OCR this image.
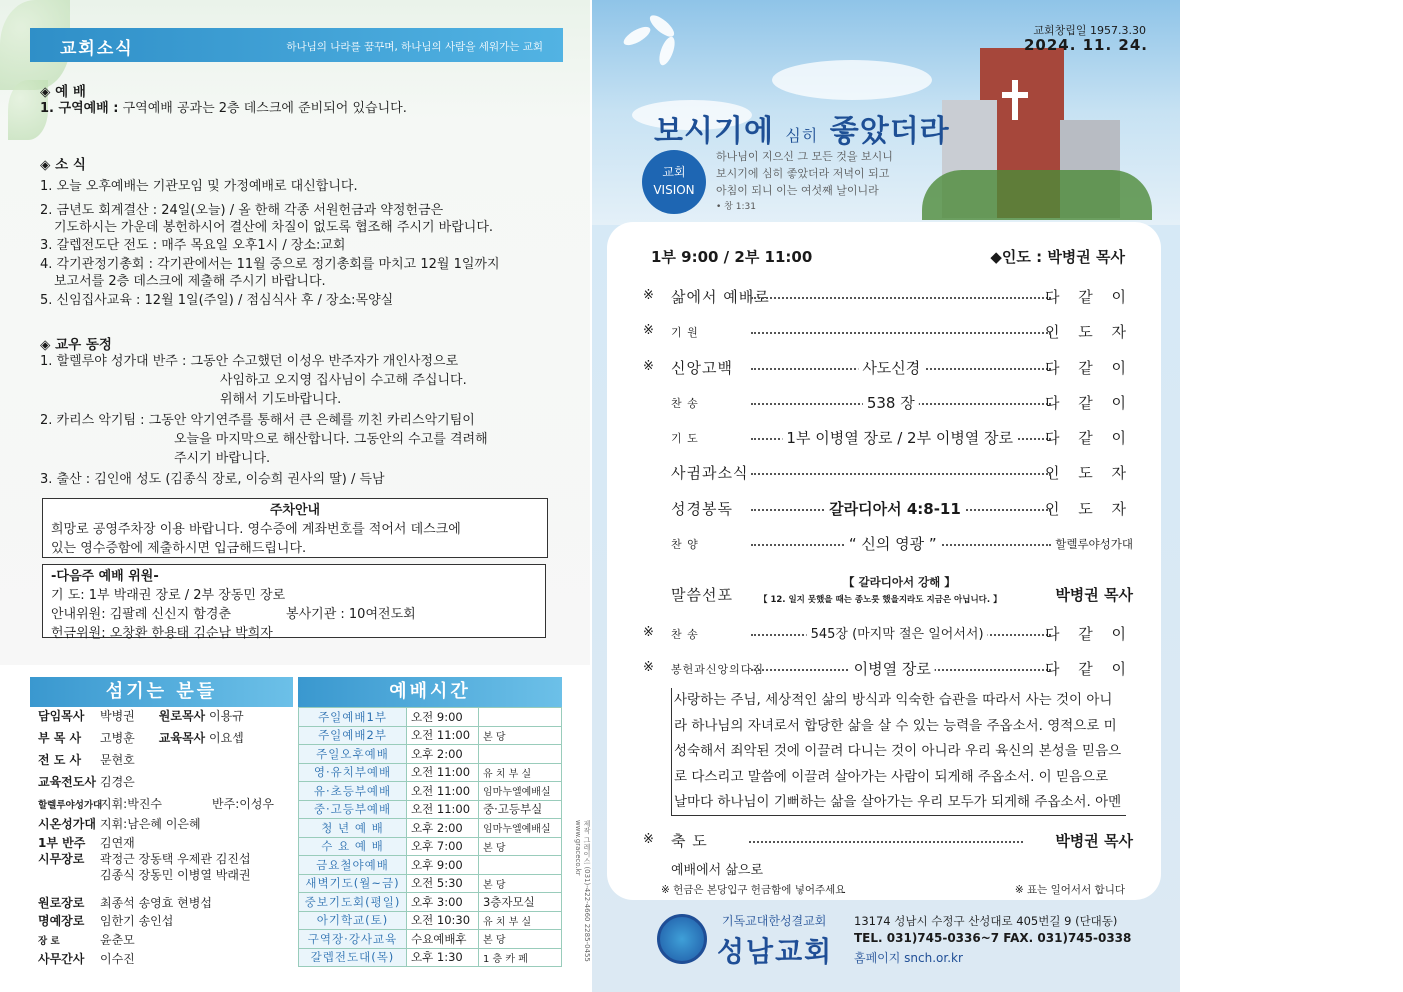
교회소식	하나님의 나라를 꿈꾸며, 하나님의 사람을 세워가는 교회
◈ 예 배
1. 구역예배 : 구역예배 공과는 2층 데스크에 준비되어 있습니다.
◈ 소 식
1. 오늘 오후예배는 기관모임 및 가정예배로 대신합니다.
2. 금년도 회계결산 : 24일(오늘) / 올 한해 각종 서원헌금과 약정헌금은
기도하시는 가운데 봉헌하시어 결산에 차질이 없도록 협조해 주시기 바랍니다.
3. 갈렙전도단 전도 : 매주 목요일 오후1시 / 장소:교회
4. 각기관정기총회 : 각기관에서는 11월 중으로 정기총회를 마치고 12월 1일까지
보고서를 2층 데스크에 제출해 주시기 바랍니다.
5. 신임집사교육 : 12월 1일(주일) / 점심식사 후 / 장소:목양실
◈ 교우 동정
1. 할렐루야 성가대 반주 : 그동안 수고했던 이성우 반주자가 개인사정으로
사임하고 오지영 집사님이 수고해 주십니다.
위해서 기도바랍니다.
2. 카리스 악기팀 : 그동안 악기연주를 통해서 큰 은혜를 끼친 카리스악기팀이
오늘을 마지막으로 해산합니다. 그동안의 수고를 격려해
주시기 바랍니다.
3. 출산 : 김인애 성도 (김종식 장로, 이승희 권사의 딸) / 득남
주차안내
희망로 공영주차장 이용 바랍니다. 영수증에 계좌번호를 적어서 데스크에
있는 영수증함에 제출하시면 입금해드립니다.
-다음주 예배 위원-
기 도: 1부 박래권 장로 / 2부 장동민 장로
안내위원: 김팔례 신신지 함경춘	봉사기관 : 10여전도회
헌금위원: 오창환 한용태 김순남 박희자
섬기는 분들	예배시간
담임목사 박병권 원로목사 이용규
부 목 사 고병훈 교육목사 이요셉
전 도 사 문현호
교육전도사 김경은
할렐루야성가대지휘:박진수	반주:이성우
시온성가대 지휘:남은혜 이은혜
1부 반주 김연재
시무장로 곽정근 장동택 우제관 김진섭
김종식 장동민 이병열 박래권
원로장로 최종석 송영효 현병섭
명예장로 임한기 송인섭
장 로	윤춘모
사무간사 이수진
주일예배1부	오전 9:00	
주일예배2부	오전 11:00	본 당
주일오후예배	오후 2:00	
영·유치부예배	오전 11:00	유 치 부 실
유·초등부예배	오전 11:00	임마누엘예배실
중·고등부예배	오전 11:00	중·고등부실
청 년 예 배	오후 2:00	임마누엘예배실
수 요 예 배	오후 7:00	본 당
금요철야예배	오후 9:00	
새벽기도(월~금)	오전 5:30	본 당
중보기도회(평일)	오후 3:00	3층자모실
아기학교(토)	오전 10:30	유 치 부 실
구역장·강사교육	수요예배후	본 당
갈렙전도대(목)	오후 1:30	1 층 카 페	제작 그레이스 (031)-422-4660 2285-0455 www.graceco.kr
교회창립일 1957.3.30
2024. 11. 24.
보시기에 심히 좋았더라
교회
VISION
하나님이 지으신 그 모든 것을 보시니
보시기에 심히 좋았더라 저녁이 되고
아침이 되니 이는 여섯째 날이니라
• 창 1:31
1부 9:00 / 2부 11:00	◆인도 : 박병권 목사
말씀선포
【 갈라디아서 강해 】
【 12. 일지 못했을 때는 종노릇 했을지라도 지금은 아닙니다. 】	박병권 목사
※ 축 도	박병권 목사
예배에서 삶으로
※ 헌금은 본당입구 헌금함에 넣어주세요	※ 표는 일어서서 합니다
※ 삶에서 예배로	다 같 이
※ 기 원	인 도 자
※ 신앙고백	사도신경	다 같 이
찬 송	538 장	다 같 이
기 도	1부 이병열 장로 / 2부 이병열 장로 다 같 이
사귐과소식	인 도 자
성경봉독	갈라디아서 4:8-11	인 도 자
찬 양	“ 신의 영광 ”	할렐루야성가대
※ 찬 송	545장 (마지막 절은 일어서서)	다 같 이
※ 봉헌과신앙의다짐	이병열 장로	다 같 이
사랑하는 주님, 세상적인 삶의 방식과 익숙한 습관을 따라서 사는 것이 아니
라 하나님의 자녀로서 합당한 삶을 살 수 있는 능력을 주옵소서. 영적으로 미
성숙해서 죄악된 것에 이끌려 다니는 것이 아니라 우리 육신의 본성을 믿음으
로 다스리고 말씀에 이끌려 살아가는 사람이 되게해 주옵소서. 이 믿음으로
날마다 하나님이 기뻐하는 삶을 살아가는 우리 모두가 되게해 주옵소서. 아멘
기독교대한성결교회
성남교회
13174 성남시 수정구 산성대로 405번길 9 (단대동)
TEL. 031)745-0336~7 FAX. 031)745-0338
홈페이지 snch.or.kr
